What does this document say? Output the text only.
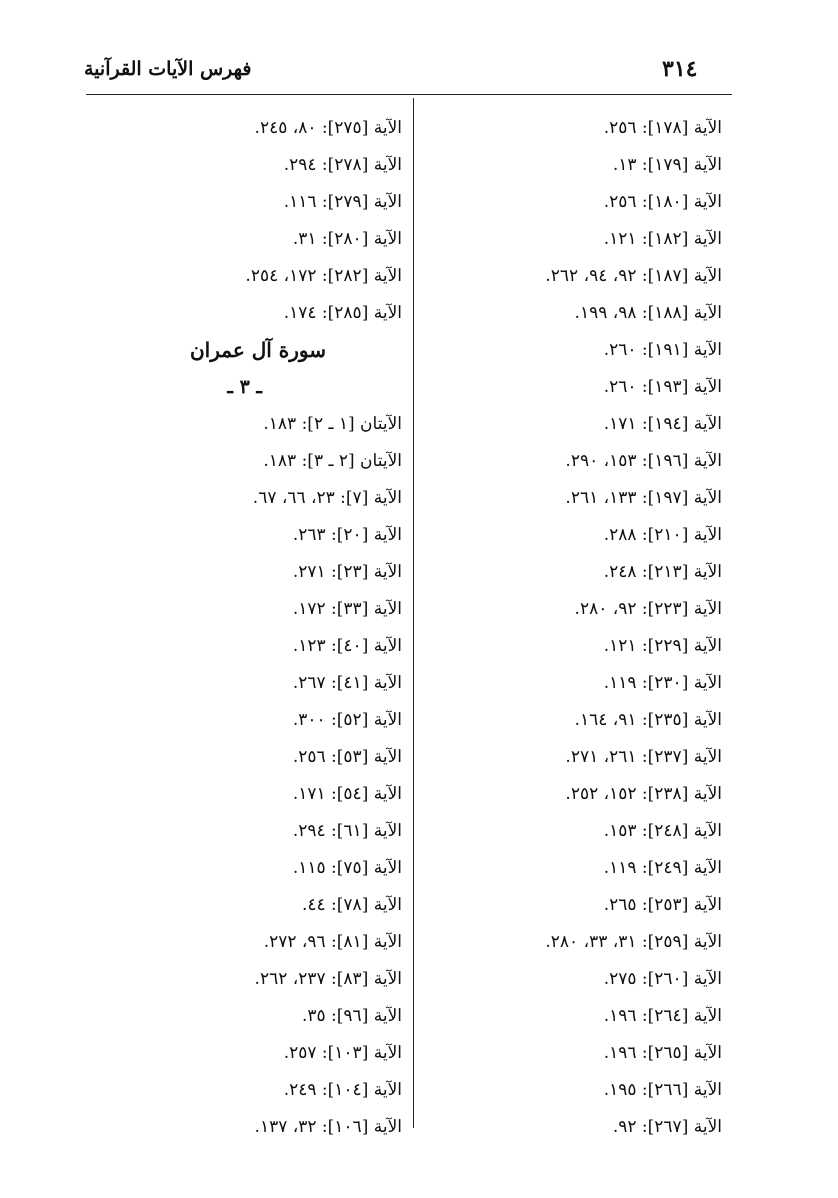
٣١٤
فهرس الآيات القرآنية
الآية [١٧٨]: ٢٥٦.
الآية [١٧٩]: ١٣.
الآية [١٨٠]: ٢٥٦.
الآية [١٨٢]: ١٢١.
الآية [١٨٧]: ٩٢، ٩٤، ٢٦٢.
الآية [١٨٨]: ٩٨، ١٩٩.
الآية [١٩١]: ٢٦٠.
الآية [١٩٣]: ٢٦٠.
الآية [١٩٤]: ١٧١.
الآية [١٩٦]: ١٥٣، ٢٩٠.
الآية [١٩٧]: ١٣٣، ٢٦١.
الآية [٢١٠]: ٢٨٨.
الآية [٢١٣]: ٢٤٨.
الآية [٢٢٣]: ٩٢، ٢٨٠.
الآية [٢٢٩]: ١٢١.
الآية [٢٣٠]: ١١٩.
الآية [٢٣٥]: ٩١، ١٦٤.
الآية [٢٣٧]: ٢٦١، ٢٧١.
الآية [٢٣٨]: ١٥٢، ٢٥٢.
الآية [٢٤٨]: ١٥٣.
الآية [٢٤٩]: ١١٩.
الآية [٢٥٣]: ٢٦٥.
الآية [٢٥٩]: ٣١، ٣٣، ٢٨٠.
الآية [٢٦٠]: ٢٧٥.
الآية [٢٦٤]: ١٩٦.
الآية [٢٦٥]: ١٩٦.
الآية [٢٦٦]: ١٩٥.
الآية [٢٦٧]: ٩٢.
الآية [٢٧٥]: ٨٠، ٢٤٥.
الآية [٢٧٨]: ٢٩٤.
الآية [٢٧٩]: ١١٦.
الآية [٢٨٠]: ٣١.
الآية [٢٨٢]: ١٧٢، ٢٥٤.
الآية [٢٨٥]: ١٧٤.
سورة آل عمران
ـ ٣ ـ
الآيتان [١ ـ ٢]: ١٨٣.
الآيتان [٢ ـ ٣]: ١٨٣.
الآية [٧]: ٢٣، ٦٦، ٦٧.
الآية [٢٠]: ٢٦٣.
الآية [٢٣]: ٢٧١.
الآية [٣٣]: ١٧٢.
الآية [٤٠]: ١٢٣.
الآية [٤١]: ٢٦٧.
الآية [٥٢]: ٣٠٠.
الآية [٥٣]: ٢٥٦.
الآية [٥٤]: ١٧١.
الآية [٦١]: ٢٩٤.
الآية [٧٥]: ١١٥.
الآية [٧٨]: ٤٤.
الآية [٨١]: ٩٦، ٢٧٢.
الآية [٨٣]: ٢٣٧، ٢٦٢.
الآية [٩٦]: ٣٥.
الآية [١٠٣]: ٢٥٧.
الآية [١٠٤]: ٢٤٩.
الآية [١٠٦]: ٣٢، ١٣٧.
